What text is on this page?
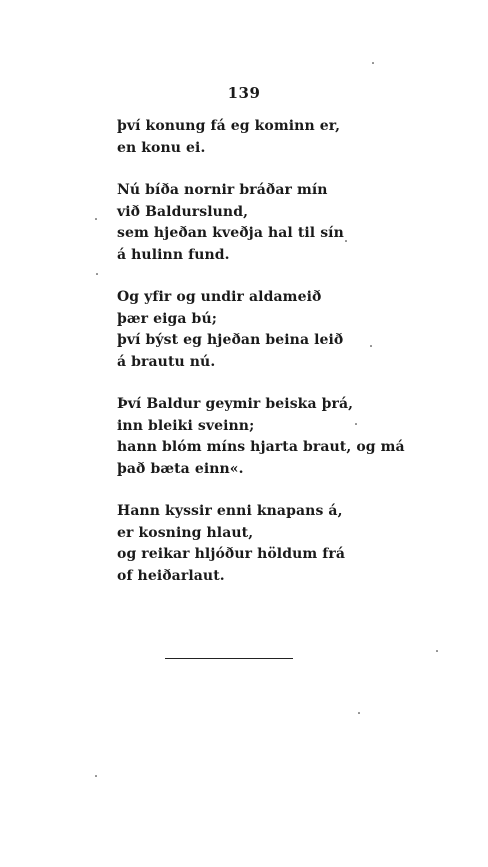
139
því konung fá eg kominn er,
en konu ei.
Nú bíða nornir bráðar mín
við Baldurslund,
sem hjeðan kveðja hal til sín
á hulinn fund.
Og yfir og undir aldameið
þær eiga bú;
því býst eg hjeðan beina leið
á brautu nú.
Því Baldur geymir beiska þrá,
inn bleiki sveinn;
hann blóm míns hjarta braut, og má
það bæta einn«.
Hann kyssir enni knapans á,
er kosning hlaut,
og reikar hljóður höldum frá
of heiðarlaut.
